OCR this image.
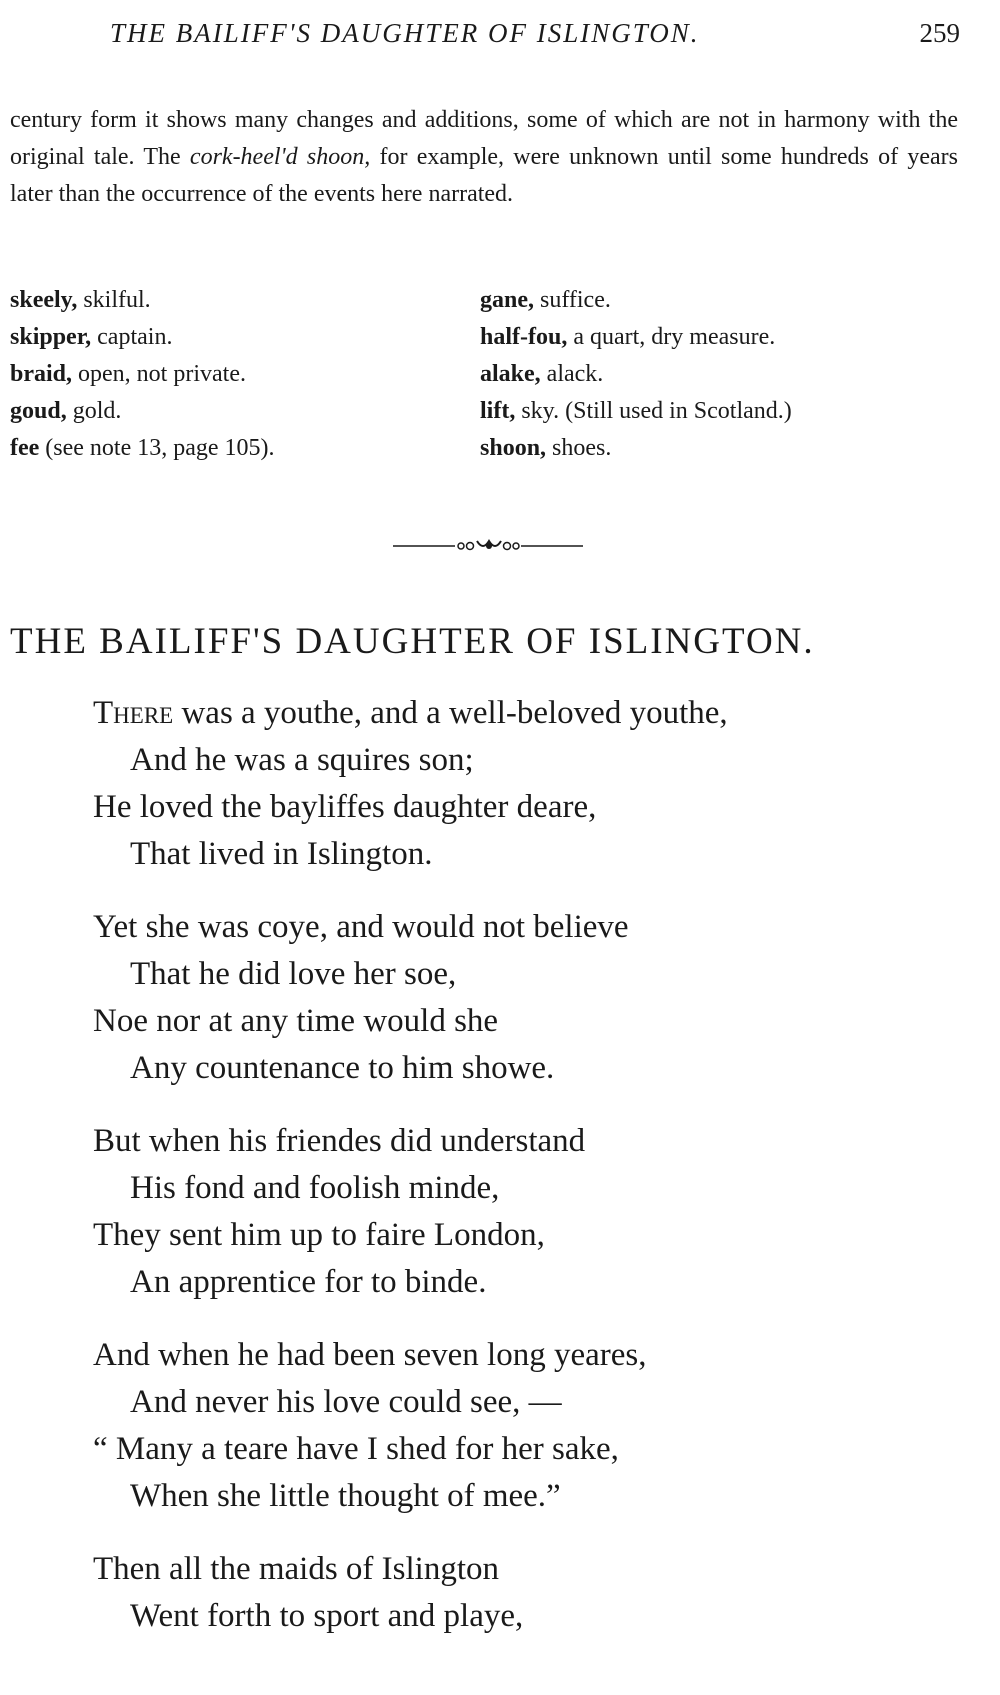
THE BAILIFF'S DAUGHTER OF ISLINGTON.	259
century form it shows many changes and additions, some of which are not in harmony with the original tale. The cork-heel'd shoon, for example, were unknown until some hundreds of years later than the occurrence of the events here narrated.
skeely, skilful.
skipper, captain.
braid, open, not private.
goud, gold.
fee (see note 13, page 105).
gane, suffice.
half-fou, a quart, dry measure.
alake, alack.
lift, sky. (Still used in Scotland.)
shoon, shoes.
THE BAILIFF'S DAUGHTER OF ISLINGTON.
There was a youthe, and a well-beloved youthe,
And he was a squires son;
He loved the bayliffes daughter deare,
That lived in Islington.
Yet she was coye, and would not believe
That he did love her soe,
Noe nor at any time would she
Any countenance to him showe.
But when his friendes did understand
His fond and foolish minde,
They sent him up to faire London,
An apprentice for to binde.
And when he had been seven long yeares,
And never his love could see, —
“ Many a teare have I shed for her sake,
When she little thought of mee.”
Then all the maids of Islington
Went forth to sport and playe,
